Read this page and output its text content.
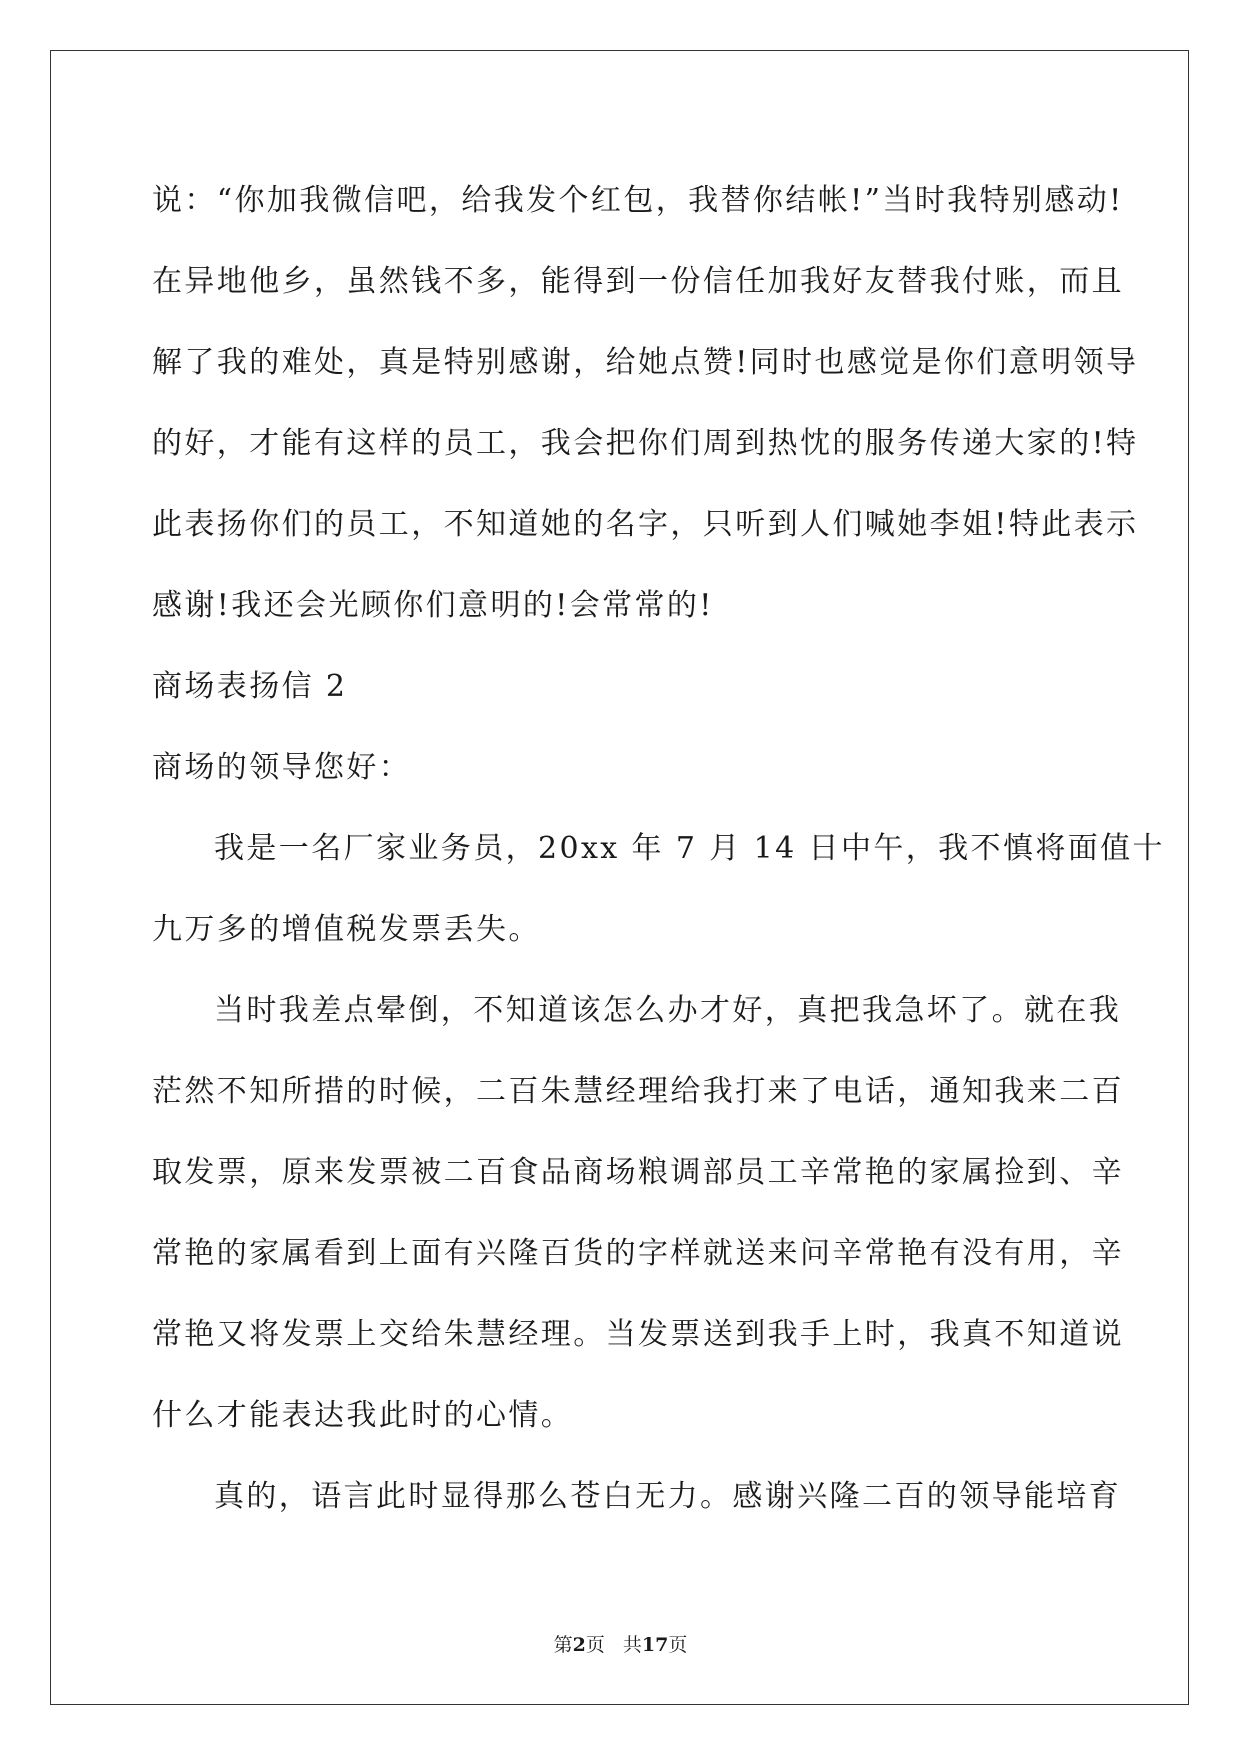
说：“你加我微信吧，给我发个红包，我替你结帐!”当时我特别感动!
在异地他乡，虽然钱不多，能得到一份信任加我好友替我付账，而且
解了我的难处，真是特别感谢，给她点赞!同时也感觉是你们意明领导
的好，才能有这样的员工，我会把你们周到热忱的服务传递大家的!特
此表扬你们的员工，不知道她的名字，只听到人们喊她李姐!特此表示
感谢!我还会光顾你们意明的!会常常的!
商场表扬信 2
商场的领导您好：
我是一名厂家业务员，20xx 年 7 月 14 日中午，我不慎将面值十
九万多的增值税发票丢失。
当时我差点晕倒，不知道该怎么办才好，真把我急坏了。就在我
茫然不知所措的时候，二百朱慧经理给我打来了电话，通知我来二百
取发票，原来发票被二百食品商场粮调部员工辛常艳的家属捡到、辛
常艳的家属看到上面有兴隆百货的字样就送来问辛常艳有没有用，辛
常艳又将发票上交给朱慧经理。当发票送到我手上时，我真不知道说
什么才能表达我此时的心情。
真的，语言此时显得那么苍白无力。感谢兴隆二百的领导能培育
第2页 共17页
